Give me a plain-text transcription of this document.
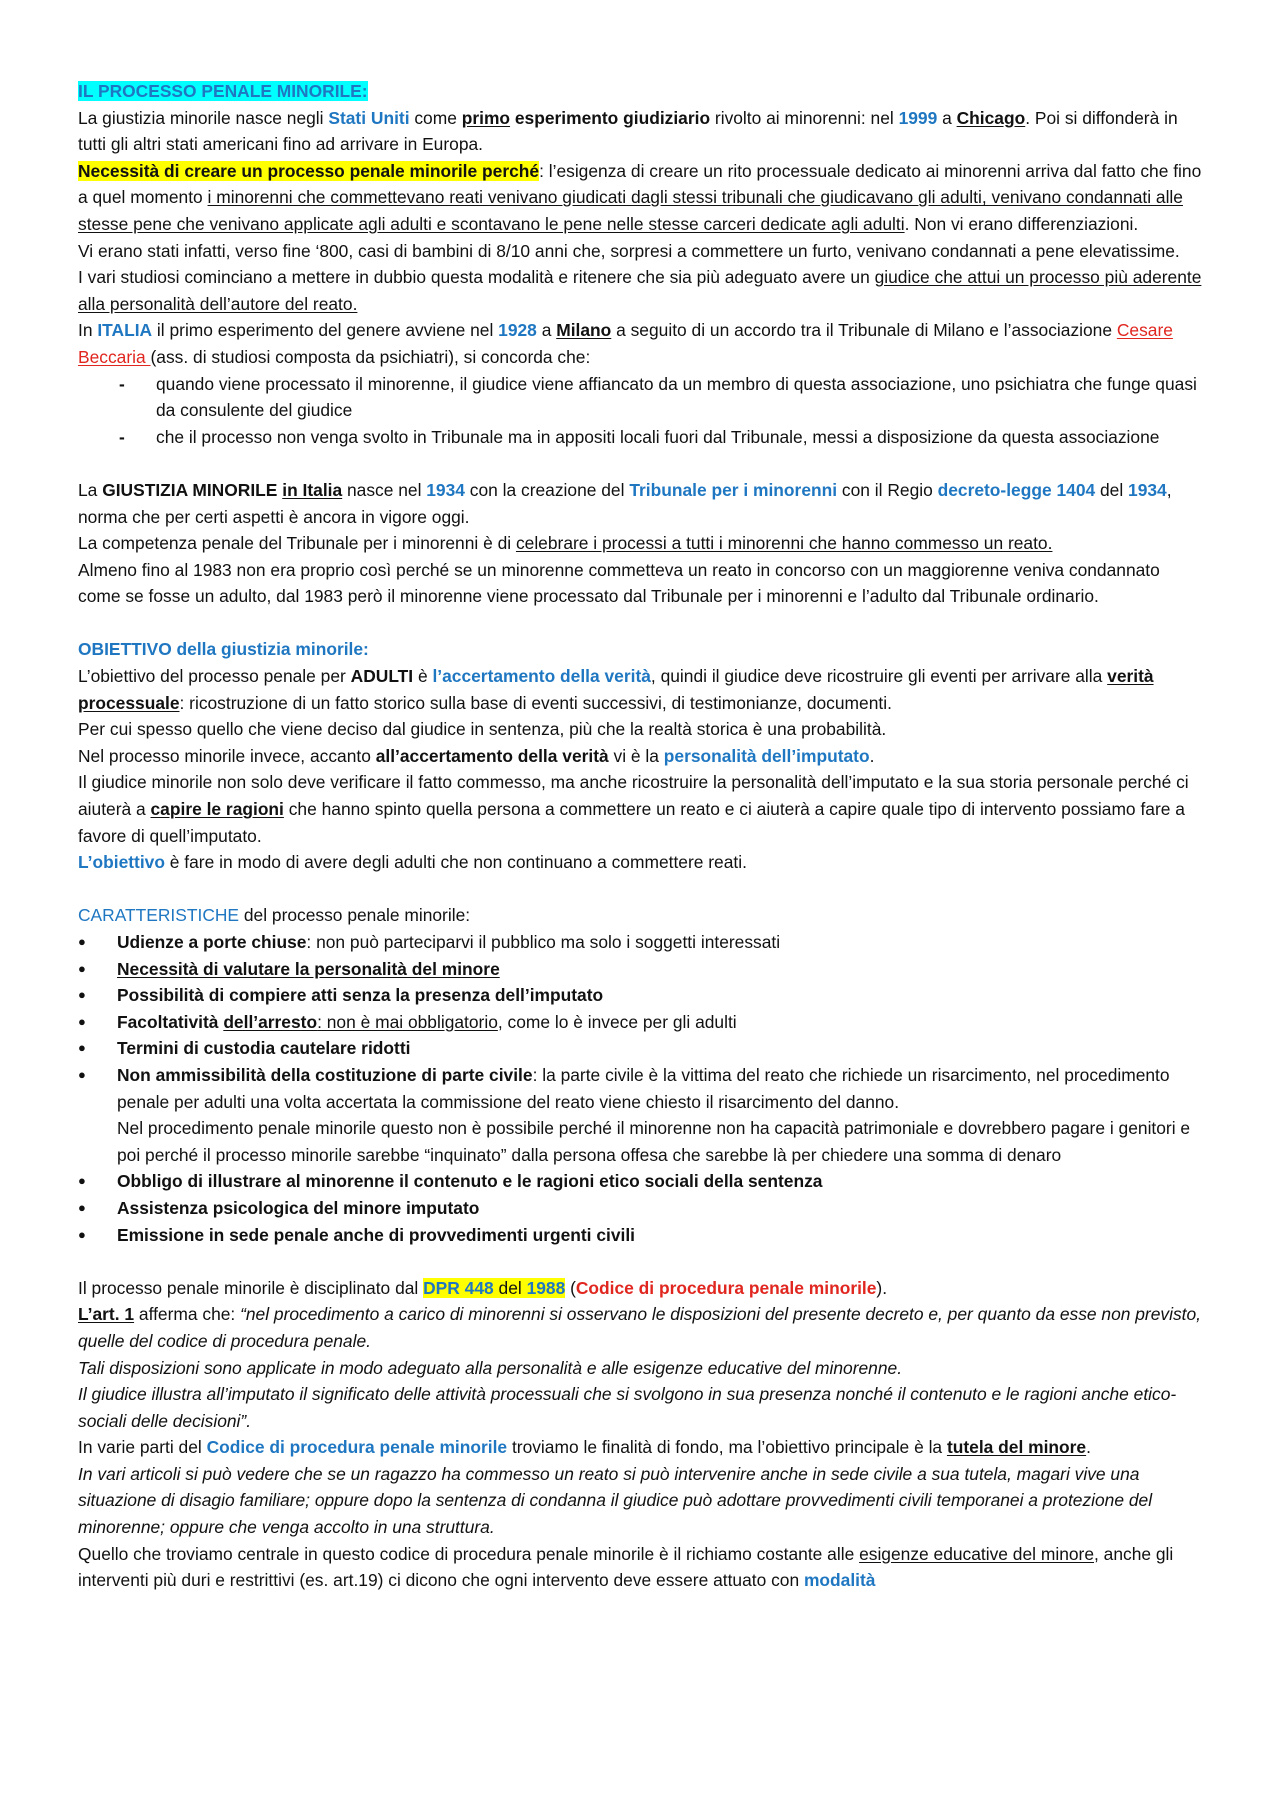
IL PROCESSO PENALE MINORILE:

La giustizia minorile nasce negli Stati Uniti come primo esperimento giudiziario rivolto ai minorenni: nel 1999 a Chicago. Poi si diffonderà in tutti gli altri stati americani fino ad arrivare in Europa.

Necessità di creare un processo penale minorile perché: l’esigenza di creare un rito processuale dedicato ai minorenni arriva dal fatto che fino a quel momento i minorenni che commettevano reati venivano giudicati dagli stessi tribunali che giudicavano gli adulti, venivano condannati alle stesse pene che venivano applicate agli adulti e scontavano le pene nelle stesse carceri dedicate agli adulti. Non vi erano differenziazioni.

Vi erano stati infatti, verso fine ‘800, casi di bambini di 8/10 anni che, sorpresi a commettere un furto, venivano condannati a pene elevatissime.

I vari studiosi cominciano a mettere in dubbio questa modalità e ritenere che sia più adeguato avere un giudice che attui un processo più aderente alla personalità dell’autore del reato.

In ITALIA il primo esperimento del genere avviene nel 1928 a Milano a seguito di un accordo tra il Tribunale di Milano e l’associazione Cesare Beccaria (ass. di studiosi composta da psichiatri), si concorda che:

- quando viene processato il minorenne, il giudice viene affiancato da un membro di questa associazione, uno psichiatra che funge quasi da consulente del giudice
- che il processo non venga svolto in Tribunale ma in appositi locali fuori dal Tribunale, messi a disposizione da questa associazione

La GIUSTIZIA MINORILE in Italia nasce nel 1934 con la creazione del Tribunale per i minorenni con il Regio decreto-legge 1404 del 1934, norma che per certi aspetti è ancora in vigore oggi.

La competenza penale del Tribunale per i minorenni è di celebrare i processi a tutti i minorenni che hanno commesso un reato.

Almeno fino al 1983 non era proprio così perché se un minorenne commetteva un reato in concorso con un maggiorenne veniva condannato come se fosse un adulto, dal 1983 però il minorenne viene processato dal Tribunale per i minorenni e l’adulto dal Tribunale ordinario.

OBIETTIVO della giustizia minorile:

L’obiettivo del processo penale per ADULTI è l’accertamento della verità, quindi il giudice deve ricostruire gli eventi per arrivare alla verità processuale: ricostruzione di un fatto storico sulla base di eventi successivi, di testimonianze, documenti.

Per cui spesso quello che viene deciso dal giudice in sentenza, più che la realtà storica è una probabilità.

Nel processo minorile invece, accanto all’accertamento della verità vi è la personalità dell’imputato.

Il giudice minorile non solo deve verificare il fatto commesso, ma anche ricostruire la personalità dell’imputato e la sua storia personale perché ci aiuterà a capire le ragioni che hanno spinto quella persona a commettere un reato e ci aiuterà a capire quale tipo di intervento possiamo fare a favore di quell’imputato.

L’obiettivo è fare in modo di avere degli adulti che non continuano a commettere reati.

CARATTERISTICHE del processo penale minorile:

● Udienze a porte chiuse: non può parteciparvi il pubblico ma solo i soggetti interessati
● Necessità di valutare la personalità del minore
● Possibilità di compiere atti senza la presenza dell’imputato
● Facoltatività dell’arresto: non è mai obbligatorio, come lo è invece per gli adulti
● Termini di custodia cautelare ridotti
● Non ammissibilità della costituzione di parte civile: la parte civile è la vittima del reato che richiede un risarcimento, nel procedimento penale per adulti una volta accertata la commissione del reato viene chiesto il risarcimento del danno.
Nel procedimento penale minorile questo non è possibile perché il minorenne non ha capacità patrimoniale e dovrebbero pagare i genitori e poi perché il processo minorile sarebbe “inquinato” dalla persona offesa che sarebbe là per chiedere una somma di denaro
● Obbligo di illustrare al minorenne il contenuto e le ragioni etico sociali della sentenza
● Assistenza psicologica del minore imputato
● Emissione in sede penale anche di provvedimenti urgenti civili

Il processo penale minorile è disciplinato dal DPR 448 del 1988 (Codice di procedura penale minorile).

L’art. 1 afferma che: “nel procedimento a carico di minorenni si osservano le disposizioni del presente decreto e, per quanto da esse non previsto, quelle del codice di procedura penale.

Tali disposizioni sono applicate in modo adeguato alla personalità e alle esigenze educative del minorenne.

Il giudice illustra all’imputato il significato delle attività processuali che si svolgono in sua presenza nonché il contenuto e le ragioni anche etico-sociali delle decisioni”.

In varie parti del Codice di procedura penale minorile troviamo le finalità di fondo, ma l’obiettivo principale è la tutela del minore.

In vari articoli si può vedere che se un ragazzo ha commesso un reato si può intervenire anche in sede civile a sua tutela, magari vive una situazione di disagio familiare; oppure dopo la sentenza di condanna il giudice può adottare provvedimenti civili temporanei a protezione del minorenne; oppure che venga accolto in una struttura.

Quello che troviamo centrale in questo codice di procedura penale minorile è il richiamo costante alle esigenze educative del minore, anche gli interventi più duri e restrittivi (es. art.19) ci dicono che ogni intervento deve essere attuato con modalità
